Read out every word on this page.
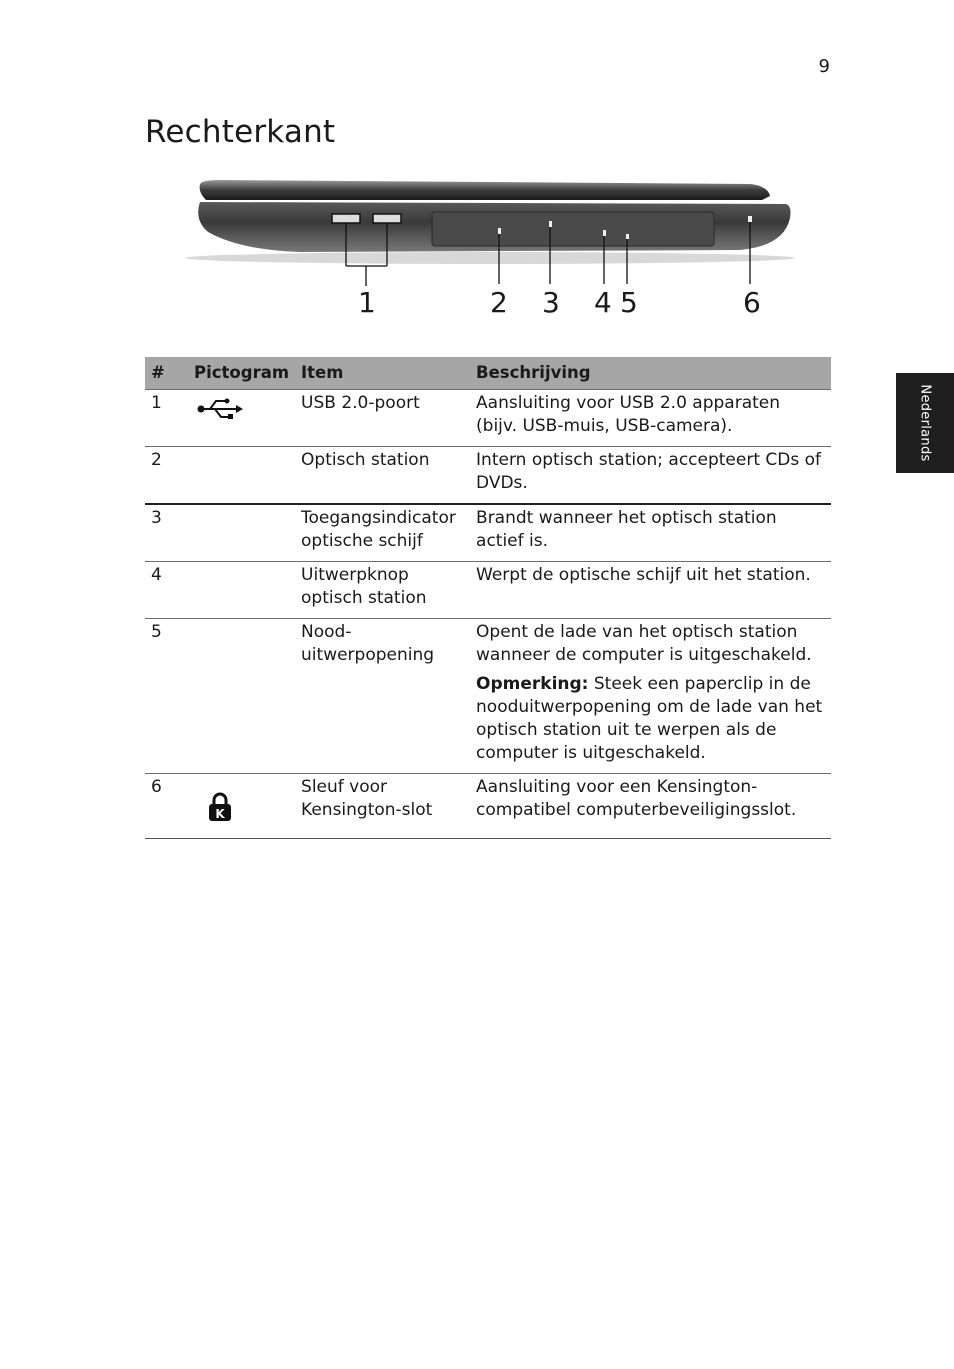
9
Rechterkant
Nederlands
1	2 3 4 5	6
#	Pictogram	Item	Beschrijving
1		USB 2.0-poort	Aansluiting voor USB 2.0 apparaten (bijv. USB-muis, USB-camera).
2		Optisch station	Intern optisch station; accepteert CDs of DVDs.
3		Toegangsindicator optische schijf	Brandt wanneer het optisch station actief is.
4		Uitwerpknop optisch station	Werpt de optische schijf uit het station.
5		Nood-uitwerpopening	Opent de lade van het optisch station wanneer de computer is uitgeschakeld.
Opmerking: Steek een paperclip in de nooduitwerpopening om de lade van het optisch station uit te werpen als de computer is uitgeschakeld.

6	K	Sleuf voor Kensington-slot	Aansluiting voor een Kensington-compatibel computerbeveiligingsslot.
